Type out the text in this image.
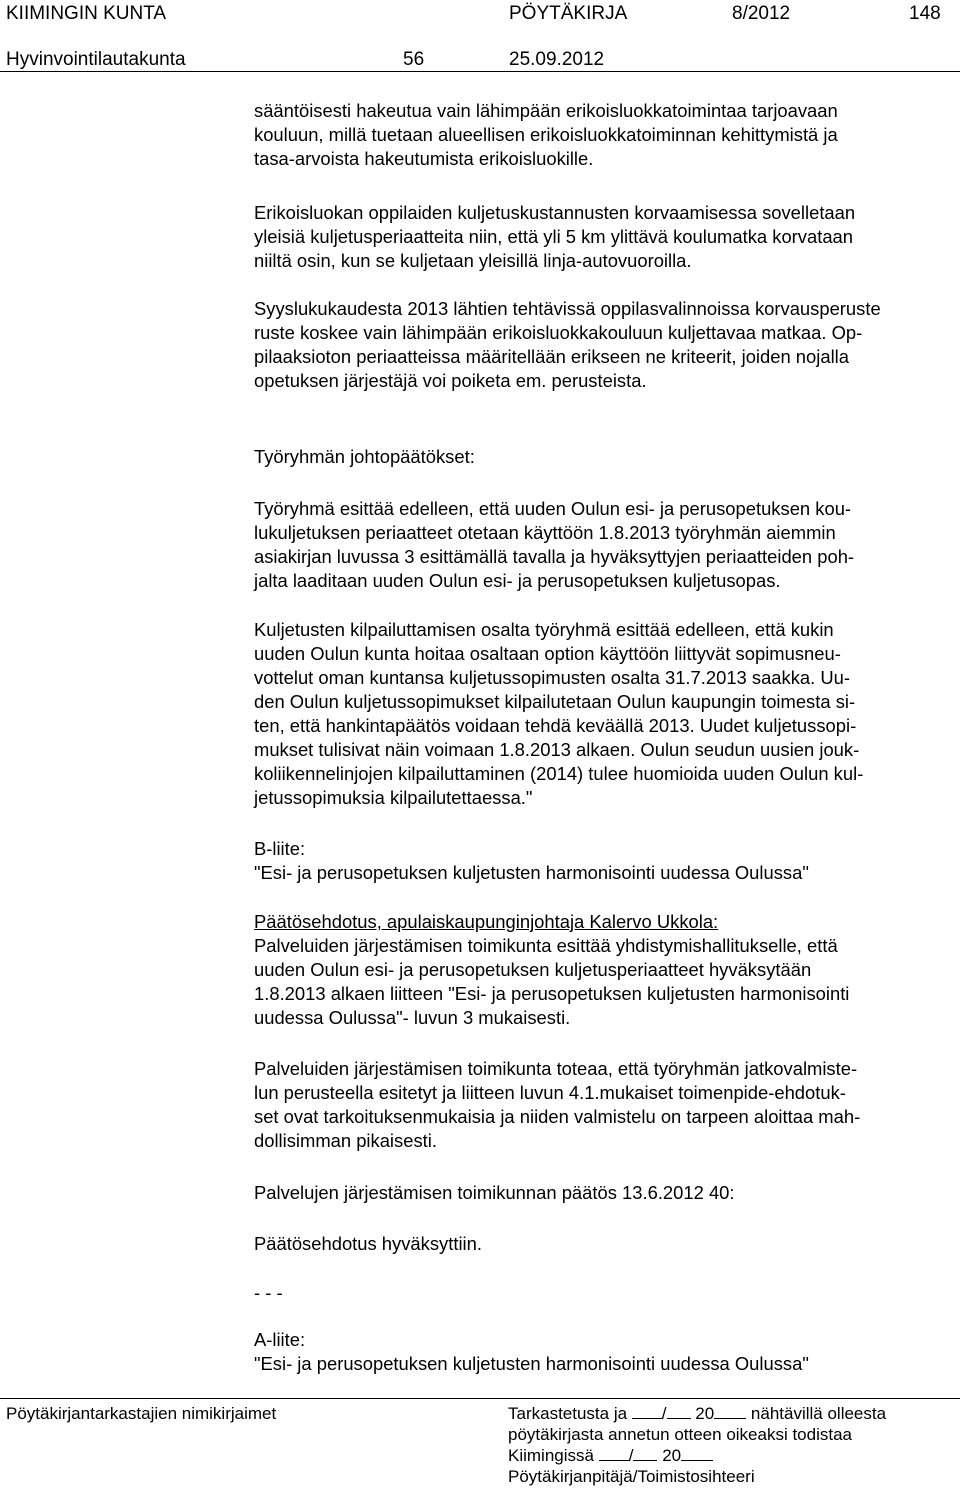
KIIMINGIN KUNTA	PÖYTÄKIRJA	8/2012	148
Hyvinvointilautakunta	56	25.09.2012
sääntöisesti hakeutua vain lähimpään erikoisluokkatoimintaa tarjoavaan
kouluun, millä tuetaan alueellisen erikoisluokkatoiminnan kehittymistä ja
tasa-arvoista hakeutumista erikoisluokille.
Erikoisluokan oppilaiden kuljetuskustannusten korvaamisessa sovelletaan
yleisiä kuljetusperiaatteita niin, että yli 5 km ylittävä koulumatka korvataan
niiltä osin, kun se kuljetaan yleisillä linja-autovuoroilla.
Syyslukukaudesta 2013 lähtien tehtävissä oppilasvalinnoissa korvausperuste
ruste koskee vain lähimpään erikoisluokkakouluun kuljettavaa matkaa. Op-
pilaaksioton periaatteissa määritellään erikseen ne kriteerit, joiden nojalla
opetuksen järjestäjä voi poiketa em. perusteista.
Työryhmän johtopäätökset:
Työryhmä esittää edelleen, että uuden Oulun esi- ja perusopetuksen kou-
lukuljetuksen periaatteet otetaan käyttöön 1.8.2013 työryhmän aiemmin
asiakirjan luvussa 3 esittämällä tavalla ja hyväksyttyjen periaatteiden poh-
jalta laaditaan uuden Oulun esi- ja perusopetuksen kuljetusopas.
Kuljetusten kilpailuttamisen osalta työryhmä esittää edelleen, että kukin
uuden Oulun kunta hoitaa osaltaan option käyttöön liittyvät sopimusneu-
vottelut oman kuntansa kuljetussopimusten osalta 31.7.2013 saakka. Uu-
den Oulun kuljetussopimukset kilpailutetaan Oulun kaupungin toimesta si-
ten, että hankintapäätös voidaan tehdä keväällä 2013. Uudet kuljetussopi-
mukset tulisivat näin voimaan 1.8.2013 alkaen. Oulun seudun uusien jouk-
koliikennelinjojen kilpailuttaminen (2014) tulee huomioida uuden Oulun kul-
jetussopimuksia kilpailutettaessa."
B-liite:
"Esi- ja perusopetuksen kuljetusten harmonisointi uudessa Oulussa"
Päätösehdotus, apulaiskaupunginjohtaja Kalervo Ukkola:
Palveluiden järjestämisen toimikunta esittää yhdistymishallitukselle, että
uuden Oulun esi- ja perusopetuksen kuljetusperiaatteet hyväksytään
1.8.2013 alkaen liitteen "Esi- ja perusopetuksen kuljetusten harmonisointi
uudessa Oulussa"- luvun 3 mukaisesti.
Palveluiden järjestämisen toimikunta toteaa, että työryhmän jatkovalmiste-
lun perusteella esitetyt ja liitteen luvun 4.1.mukaiset toimenpide-ehdotuk-
set ovat tarkoituksenmukaisia ja niiden valmistelu on tarpeen aloittaa mah-
dollisimman pikaisesti.
Palvelujen järjestämisen toimikunnan päätös 13.6.2012 40:
Päätösehdotus hyväksyttiin.
- - -
A-liite:
"Esi- ja perusopetuksen kuljetusten harmonisointi uudessa Oulussa"
Pöytäkirjantarkastajien nimikirjaimet	Tarkastetusta ja / 20 nähtävillä olleesta
pöytäkirjasta annetun otteen oikeaksi todistaa
Kiimingissä / 20
Pöytäkirjanpitäjä/Toimistosihteeri
